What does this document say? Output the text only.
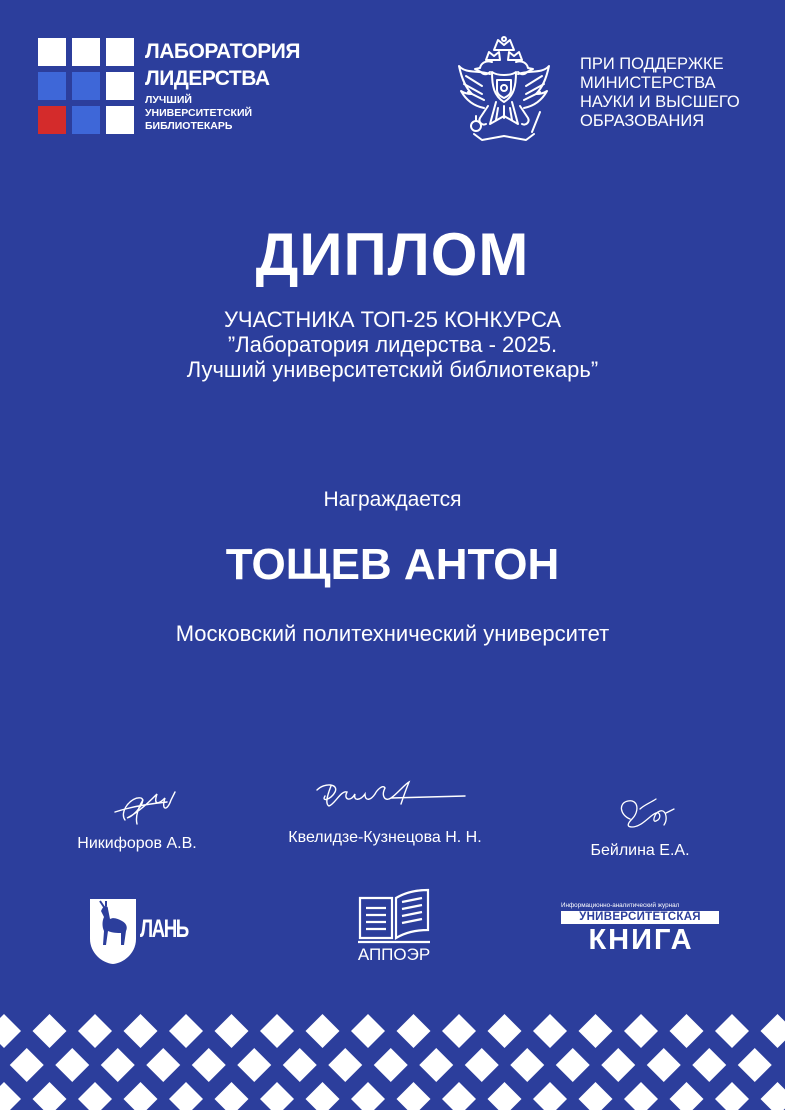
ЛАБОРАТОРИЯ
ЛИДЕРСТВА
ЛУЧШИЙ
УНИВЕРСИТЕТСКИЙ
БИБЛИОТЕКАРЬ
ПРИ ПОДДЕРЖКЕ
МИНИСТЕРСТВА
НАУКИ И ВЫСШЕГО
ОБРАЗОВАНИЯ
ДИПЛОМ
УЧАСТНИКА ТОП-25 КОНКУРСА
”Лаборатория лидерства - 2025.
Лучший университетский библиотекарь”
Награждается
ТОЩЕВ АНТОН
Московский политехнический университет
Никифоров А.В.	Квелидзе-Кузнецова Н. Н.
Бейлина Е.А.
ЛАНЬ
АППОЭР
Информационно-аналитический журнал
УНИВЕРСИТЕТСКАЯ
КНИГА
